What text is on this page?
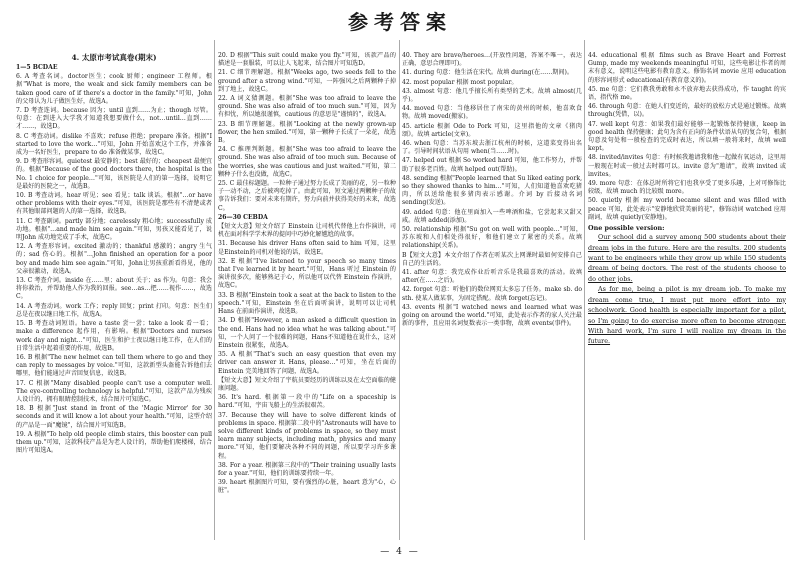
参考答案
4. 太原市考试真卷(期末)
1—5 BCDAE
6. A 考查名词。doctor医生；cook 厨师；engineer 工程师。根据"What is more, the weak and sick family members can be taken good care of if there's a doctor in the family."可知，John的父母认为儿子做医生好，故选A。
7. D 考查连词。because 因为；until 直到……为止；though 尽管。句意：在到进入大学我才知道我想要做什么，not…until…直到……才……，故选D。
8. C 考查动词。dislike 不喜欢；refuse 拒绝；prepare 准备。根据"I started to love the work…"可知，John 开始喜欢这个工作，并准备成为一名好医生，prepare to do 准备做某事，故选C。
9. D 考查形容词。quietest 最安静的；best 最好的；cheapest 最便宜的。根据"Because of the good doctors there, the hospital is the No. 1 choice for people…"可知，该医院是人们的第一选择，说明它是最好的医院之一，故选B。
10. B 考查动词。hear 听见；see 看见；talk 谈话。根据"…or have other problems with their eyes."可知，该医院是那些有不清楚或者有其他眼部问题的人的第一选择，故选B。
11. C 考查副词。partly 部分地；carelessly 粗心地；successfully 成功地。根据"…and made him see again."可知，男孩又能看见了，说明John 成功地完成了手术，故选C。
12. A 考查形容词。excited 激动的；thankful 感激的；angry 生气的；sad 伤心的。根据"…John finished an operation for a poor boy and made him see again."可知，John让男孩重新看得见，他的父亲很激动，故选A。
13. C 考查介词。inside 在……里；about 关于；as 作为。句意：我会将你救治，并帮助他人作为我的回报。see…as…把……视作……，故选C。
14. A 考查动词。work 工作；reply 回复；print 打印。句意：医生们总是在夜以继日地工作，故选A。
15. B 考查动词短语。have a taste 尝一尝；take a look 看一看；make a difference 起作用，有影响。根据"Doctors and nurses work day and night…"可知，医生和护士夜以继日地工作，在人们的日常生活中起着重要的作用，故选B。
16. B 根据"The new helmet can tell them where to go and they can reply to messages by voice."可知，这款新型头盔能告诉他们去哪里，他们能通过声音回复信息，故选B。
17. C 根据"Many disabled people can't use a computer well. The eye-controlling technology is helpful."可知，这款产品为残疾人设计的，拥有眼睛控制技术，结合图片可知选C。
18. B 根据"Just stand in front of the 'Magic Mirror' for 30 seconds and it will know a lot about your health."可知，这型介绍的产品是一面"魔镜"，结合图片可知选B。
19. A 根据"To help old people climb stairs, this booster can pull them up."可知，这款科技产品是为老人设计的，帮助他们爬楼梯，结合图片可知选A。
20. D 根据"This suit could make you fly."可知，该款产品的描述是一套服装，可以让人飞起来，结合图片可知选D。
21. C 细节理解题。根据"Weeks ago, two seeds fell to the ground after a strong wind."可知，一阵强风之后两颗种子掉到了地上，故选C。
22. A 词义猜测题。根据"She was too afraid to leave the ground. She was also afraid of too much sun."可知，因为有担忧，所以她很谨慎，cautious 的意思是"谨慎的"，故选A。
23. B 细节理解题。根据"Looking at the newly grown-up flower, the hen smiled."可知，第一颗种子长成了一朵花，故选B。
24. C 推理判断题。根据"She was too afraid to leave the ground. She was also afraid of too much sun. Because of the worries, she was cautious and just waited."可知，第二颗种子什么也没做，故选C。
25. C 最佳标题题。一粒种子通过努力长成了美丽的花，另一粒种子一动不动，之后被鸡吃掉了。由此可知，短文通过两颗种子的故事告诉我们：要对未来有期许，努力向前并获得美好的未来，故选C。
26—30 CEBDA
【短文大意】短文介绍了 Einstein 让司机代替他上台作演讲，司机在面对科学学术界的提问中巧妙化解尴尬的故事。
31. Because his driver Hans often said to him 可知，这里是Einstein的司机对他说的话，故选E。
32. E 根据"I've listened to your speech so many times that I've learned it by heart."可知，Hans 听过 Einstein 的演讲很多次，能够熟记于心，所以他可以代替 Einstein 作演讲，故选C。
33. B 根据"Einstein took a seat at the back to listen to the speech."可知，Einstein 坐在后面听演讲，说明可以让司机 Hans 在前面作演讲，故选B。
34. D 根据"However, a man asked a difficult question in the end. Hans had no idea what he was talking about."可知，一个人问了一个很难的问题，Hans不知道他在说什么，这对 Einstein 很紧张，故选A。
35. A 根据"That's such an easy question that even my driver can answer it. Hans, please…"可知，坐在后面的 Einstein 完美地回答了问题，故选A。
【短文大意】短文介绍了宇航员要经历的训练以及在太空面临的健康问题。
36. It's hard. 根据第一段中的"Life on a spaceship is hard."可知，宇宙飞船上的生活很艰苦。
37. Because they will have to solve different kinds of problems in space. 根据第二段中的"Astronauts will have to solve different kinds of problems in space, so they must learn many subjects, including math, physics and many more."可知，他们要解决各种不同的问题，所以要学习许多课程。
38. For a year. 根据第三段中的"Their training usually lasts for a year."可知，他们的训练要持续一年。
39. heart 根据图片可知，要有强烈的心脏，heart 意为"心，心脏"。
40. They are brave/heroes…(开放性问题，答案不唯一，表达正确，意思合理即可)。
41. during 句意：他生活在宋代。故填 during(在……期间)。
42. most popular 根据 most popular。
43. almost 句意：他几乎擅长所有类型的艺术。故填 almost(几乎)。
44. moved 句意：当他移居住了南宋的黄州的时候，他喜欢食物。故填 moved(搬家)。
45. article 根据 Ode to Pork 可知，这里指他的文章《猪肉颂》。故填 article(文章)。
46. when 句意：当苏东坡去浙江杭州的时候，这道菜变得出名了。引导时间状语从句用 when(当……时)。
47. helped out 根据 So worked hard 可知，他工作努力，并帮助了很多老百姓。故填 helped out(帮助)。
48. sending 根据"People learned that Su liked eating pork, so they showed thanks to him…"可知，人们知道他喜欢吃猪肉，所以送给他很多猪肉表示感谢。介词 by 后接动名词 sending(发送)。
49. added 句意：他在里面加入一些啤酒和盐，它尝起来又甜又咸。故填 added(添加)。
50. relationship 根据"Su got on well with people…"可知，苏东坡和人们相处得很好，和他们建立了紧密的关系。故填 relationship(关系)。
B【短文大意】本文介绍了作者在听某次上网课时最如何安排自己自己的生活的。
41. after 句意：我完成作业后听音乐是我最喜欢的活动。故填 after(在……之后)。
42. forget 句意：听他们的数位网页太多忘了任务。make sb. do sth. 使某人做某事，为固定搭配。故填 forget(忘记)。
43. events 根据"I watched news and learned what was going on around the world."可知，此处表示作者的家人关注最新的事件，且应用名词复数表示一类事物，故填 events(事件)。
44. educational 根据 films such as Brave Heart and Forrest Gump, made my weekends meaningful 可知，这些电影让作者的周末有意义，说明这些电影有教育意义。修饰名词 movie 应用 education 的形容词形式 educational(有教育意义的)。
45. me 句意：它们教我勇敢和永不放弃地去获得成功，作 taught 的宾语，指代格 me。
46. through 句意：在她人们变近的，最好的放松方式是通过锻炼。故填 through(凭借，以)。
47. well kept 句意：如果我们最好能够一起锻炼保持健康，keep in good health 保持健康；此句为含有正向的条件状语从句的复合句，根据句意及句处和一般检查的完成时表达，所以填一般将来时，故填 well kept。
48. invited/invites 句意：有时候我邀请我和他一起做有氧运动，这里用一般现在时或一般过去时都可以。invite 意为"邀请"，故填 invited 或 invites。
49. more 句意：在体总时所将它们也我享受了更多乐趣，上对可修饰比较级，故填 much 的比较级 more。
50. quietly 根据 my world became silent and was filled with peace 可知，此处表示"安静地欣赏美丽的花"，修饰动词 watched 应用副词，故填 quietly(安静地)。
One possible version:

Our school did a survey among 500 students about their dream jobs in the future. Here are the results. 200 students want to be engineers while they grow up while 150 students dream of being doctors. The rest of the students choose to do other jobs.

As for me, being a pilot is my dream job. To make my dream come true, I must put more effort into my schoolwork. Good health is especially important for a pilot, so I'm going to do exercise more often to become stronger. With hard work, I'm sure I will realize my dream in the future.

— 4 —
